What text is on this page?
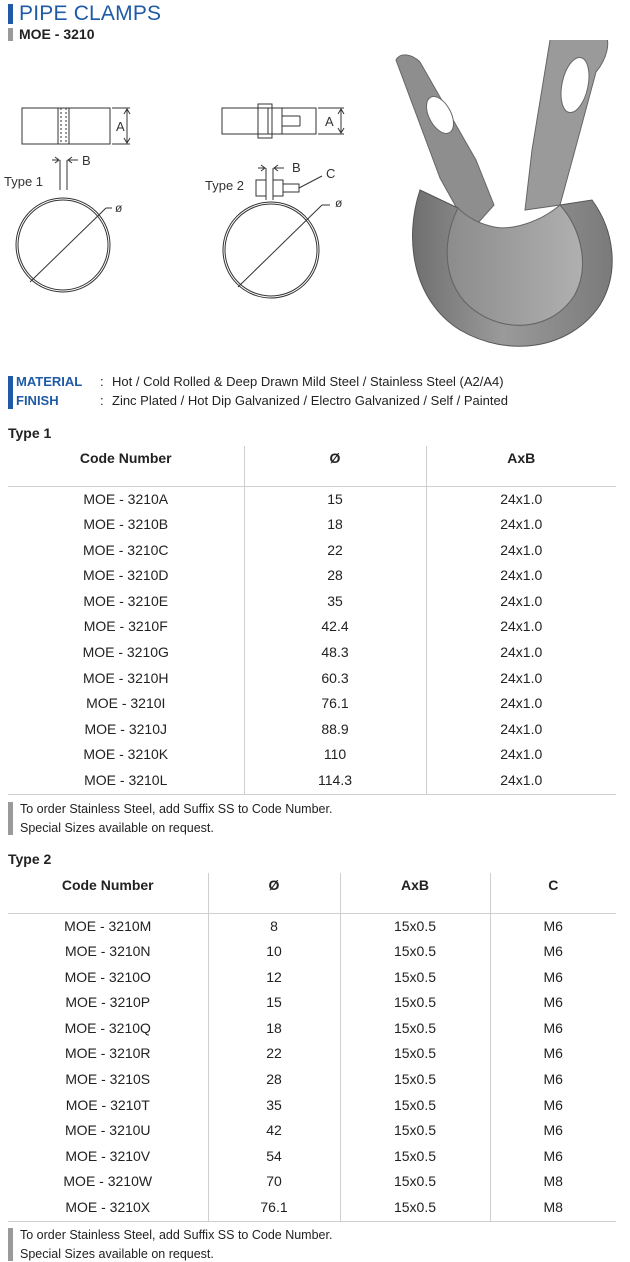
PIPE CLAMPS
MOE - 3210
A
B
Type 1
ø
A
B C
Type 2
ø
MATERIAL	: Hot / Cold Rolled & Deep Drawn Mild Steel / Stainless Steel (A2/A4)
FINISH	: Zinc Plated / Hot Dip Galvanized / Electro Galvanized / Self / Painted
Type 1
Code Number	Ø	AxB
MOE - 3210A	15	24x1.0
MOE - 3210B	18	24x1.0
MOE - 3210C	22	24x1.0
MOE - 3210D	28	24x1.0
MOE - 3210E	35	24x1.0
MOE - 3210F	42.4	24x1.0
MOE - 3210G	48.3	24x1.0
MOE - 3210H	60.3	24x1.0
MOE - 3210I	76.1	24x1.0
MOE - 3210J	88.9	24x1.0
MOE - 3210K	110	24x1.0
MOE - 3210L	114.3	24x1.0
To order Stainless Steel, add Suffix SS to Code Number.
Special Sizes available on request.
Type 2
Code Number	Ø	AxB	C
MOE - 3210M	8	15x0.5	M6
MOE - 3210N	10	15x0.5	M6
MOE - 3210O	12	15x0.5	M6
MOE - 3210P	15	15x0.5	M6
MOE - 3210Q	18	15x0.5	M6
MOE - 3210R	22	15x0.5	M6
MOE - 3210S	28	15x0.5	M6
MOE - 3210T	35	15x0.5	M6
MOE - 3210U	42	15x0.5	M6
MOE - 3210V	54	15x0.5	M6
MOE - 3210W	70	15x0.5	M8
MOE - 3210X	76.1	15x0.5	M8
To order Stainless Steel, add Suffix SS to Code Number.
Special Sizes available on request.
